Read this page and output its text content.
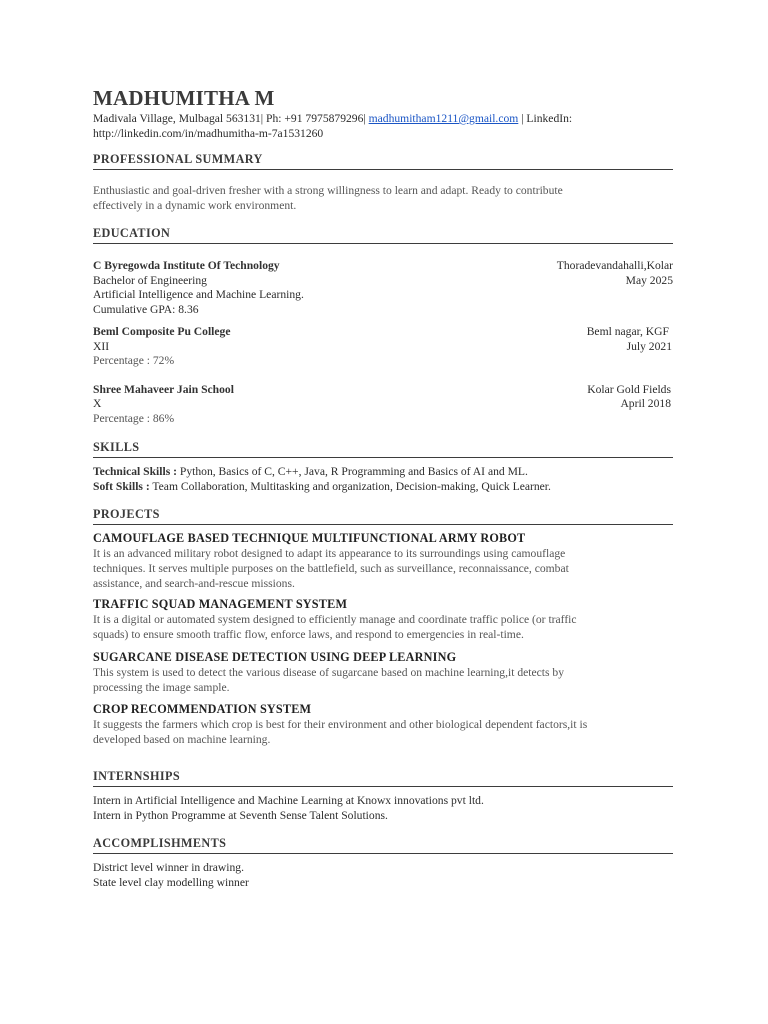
MADHUMITHA M
Madivala Village, Mulbagal 563131| Ph: +91 7975879296| madhumitham1211@gmail.com | LinkedIn:
http://linkedin.com/in/madhumitha-m-7a1531260
PROFESSIONAL SUMMARY
Enthusiastic and goal-driven fresher with a strong willingness to learn and adapt. Ready to contribute
effectively in a dynamic work environment.
EDUCATION
C Byregowda Institute Of Technology	Thoradevandahalli,Kolar
Bachelor of Engineering	May 2025
Artificial Intelligence and Machine Learning.
Cumulative GPA: 8.36
Beml Composite Pu College	Beml nagar, KGF
XII	July 2021
Percentage : 72%
Shree Mahaveer Jain School	Kolar Gold Fields
X	April 2018
Percentage : 86%
SKILLS
Technical Skills : Python, Basics of C, C++, Java, R Programming and Basics of AI and ML.
Soft Skills : Team Collaboration, Multitasking and organization, Decision-making, Quick Learner.
PROJECTS
CAMOUFLAGE BASED TECHNIQUE MULTIFUNCTIONAL ARMY ROBOT
It is an advanced military robot designed to adapt its appearance to its surroundings using camouflage
techniques. It serves multiple purposes on the battlefield, such as surveillance, reconnaissance, combat
assistance, and search-and-rescue missions.
TRAFFIC SQUAD MANAGEMENT SYSTEM
It is a digital or automated system designed to efficiently manage and coordinate traffic police (or traffic
squads) to ensure smooth traffic flow, enforce laws, and respond to emergencies in real-time.
SUGARCANE DISEASE DETECTION USING DEEP LEARNING
This system is used to detect the various disease of sugarcane based on machine learning,it detects by
processing the image sample.
CROP RECOMMENDATION SYSTEM
It suggests the farmers which crop is best for their environment and other biological dependent factors,it is
developed based on machine learning.
INTERNSHIPS
Intern in Artificial Intelligence and Machine Learning at Knowx innovations pvt ltd.
Intern in Python Programme at Seventh Sense Talent Solutions.
ACCOMPLISHMENTS
District level winner in drawing.
State level clay modelling winner
